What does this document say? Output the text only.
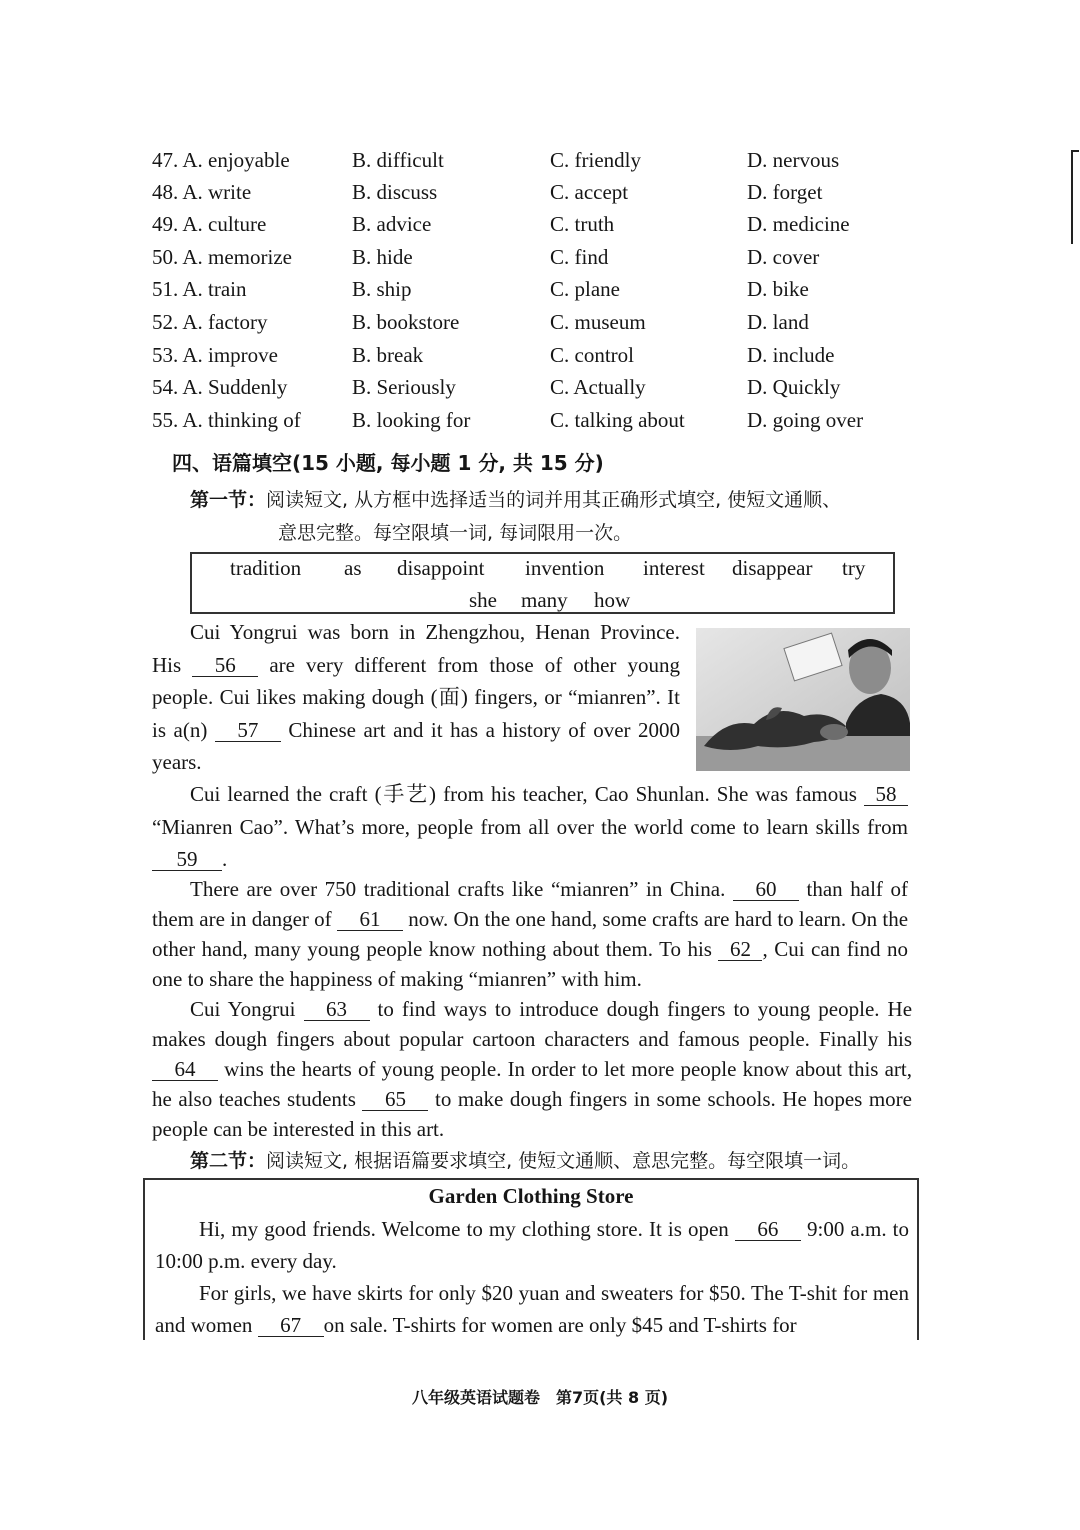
47. A. enjoyable	B. difficult	C. friendly	D. nervous
48. A. write	B. discuss	C. accept	D. forget
49. A. culture	B. advice	C. truth	D. medicine
50. A. memorize	B. hide	C. find	D. cover
51. A. train	B. ship	C. plane	D. bike
52. A. factory	B. bookstore	C. museum	D. land
53. A. improve	B. break	C. control	D. include
54. A. Suddenly	B. Seriously	C. Actually	D. Quickly
55. A. thinking of B. looking for	C. talking about	D. going over
四、语篇填空(15 小题, 每小题 1 分, 共 15 分)
第一节：阅读短文, 从方框中选择适当的词并用其正确形式填空, 使短文通顺、
意思完整。每空限填一词, 每词限用一次。
tradition as disappoint invention interest disappear try
she many how

Cui Yongrui was born in Zhengzhou, Henan Province. His 56 are very different from those of other young people. Cui likes making dough (面) fingers, or “mianren”. It is a(n) 57 Chinese art and it has a history of over 2000 years.

Cui learned the craft (手艺) from his teacher, Cao Shunlan. She was famous 58“Mianren Cao”. What’s more, people from all over the world come to learn skills from 59 .

There are over 750 traditional crafts like “mianren” in China. 60 than half of them are in danger of 61 now. On the one hand, some crafts are hard to learn. On the other hand, many young people know nothing about them. To his 62 , Cui can find no one to share the happiness of making “mianren” with him.

Cui Yongrui 63 to find ways to introduce dough fingers to young people. He makes dough fingers about popular cartoon characters and famous people. Finally his 64 wins the hearts of young people. In order to let more people know about this art, he also teaches students 65 to make dough fingers in some schools. He hopes more people can be interested in this art.

第二节：阅读短文, 根据语篇要求填空, 使短文通顺、意思完整。每空限填一词。
Garden Clothing Store

Hi, my good friends. Welcome to my clothing store. It is open 66 9:00 a.m. to 10:00 p.m. every day.

For girls, we have skirts for only $20 yuan and sweaters for $50. The T-shit for men and women 67 on sale. T-shirts for women are only $45 and T-shirts for

八年级英语试题卷　第7页(共 8 页)
